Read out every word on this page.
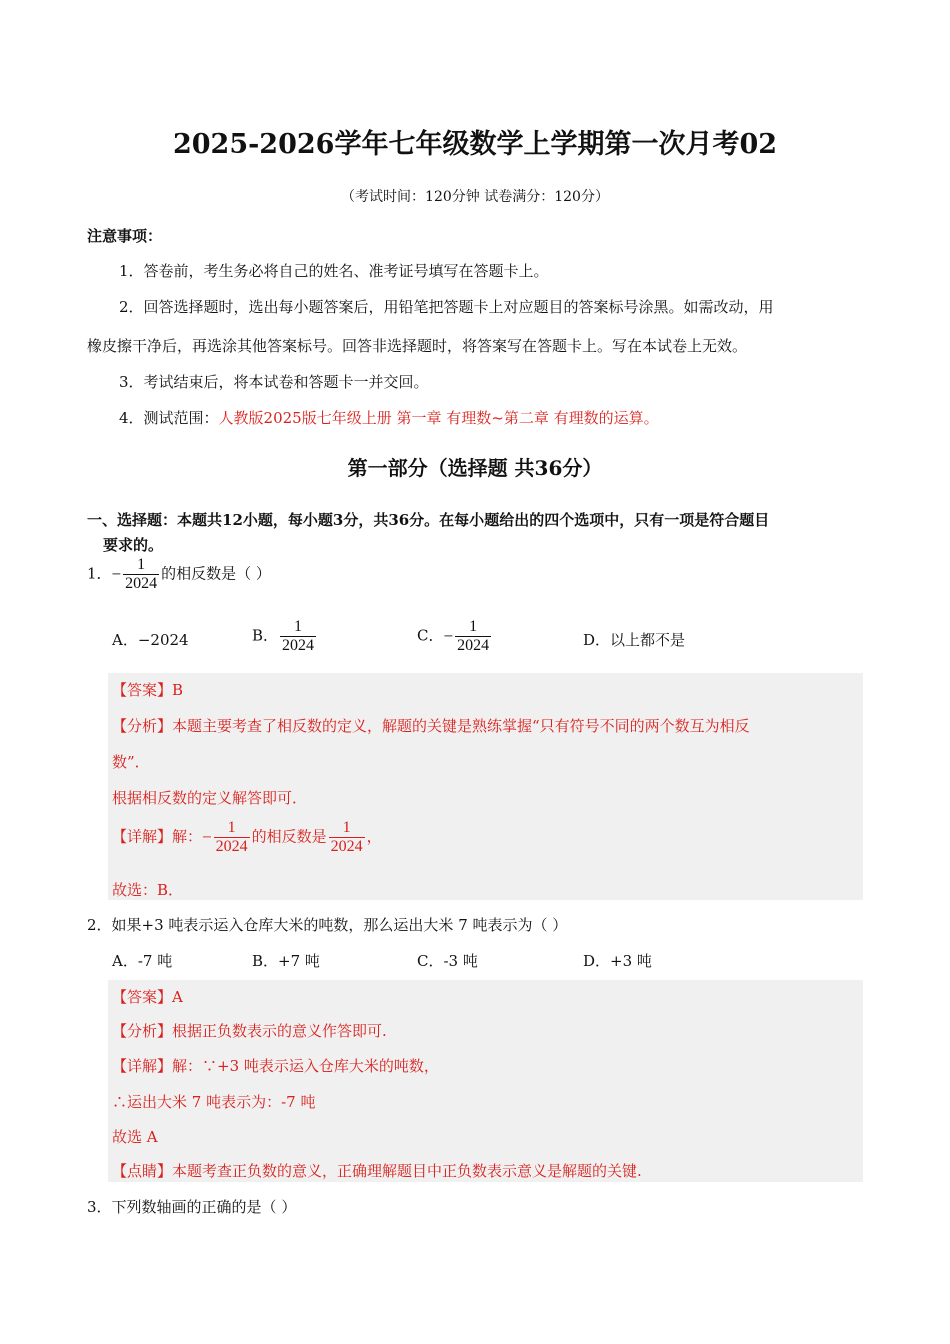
2025-2026学年七年级数学上学期第一次月考02
（考试时间：120分钟 试卷满分：120分）
注意事项：
1．答卷前，考生务必将自己的姓名、准考证号填写在答题卡上。
2．回答选择题时，选出每小题答案后，用铅笔把答题卡上对应题目的答案标号涂黑。如需改动，用
橡皮擦干净后，再选涂其他答案标号。回答非选择题时，将答案写在答题卡上。写在本试卷上无效。
3．考试结束后，将本试卷和答题卡一并交回。
4．测试范围：人教版2025版七年级上册 第一章 有理数~第二章 有理数的运算。
第一部分（选择题 共36分）
一、选择题：本题共12小题，每小题3分，共36分。在每小题给出的四个选项中，只有一项是符合题目
要求的。
1．− $\frac{1}{2024}$ 的相反数是（ ）
A．−2024	B． $\frac{1}{2024}$	C．− $\frac{1}{2024}$	D．以上都不是
【答案】B
【分析】本题主要考查了相反数的定义，解题的关键是熟练掌握“只有符号不同的两个数互为相反
数”．
根据相反数的定义解答即可．
【详解】解：− $\frac{1}{2024}$ 的相反数是 $\frac{1}{2024}$ ，
故选：B．
2．如果+3 吨表示运入仓库大米的吨数，那么运出大米 7 吨表示为（ ）
A．-7 吨	B．+7 吨	C．-3 吨	D．+3 吨
【答案】A
【分析】根据正负数表示的意义作答即可.
【详解】解：∵+3 吨表示运入仓库大米的吨数，
∴运出大米 7 吨表示为：-7 吨
故选 A
【点睛】本题考查正负数的意义，正确理解题目中正负数表示意义是解题的关键.
3．下列数轴画的正确的是（ ）
